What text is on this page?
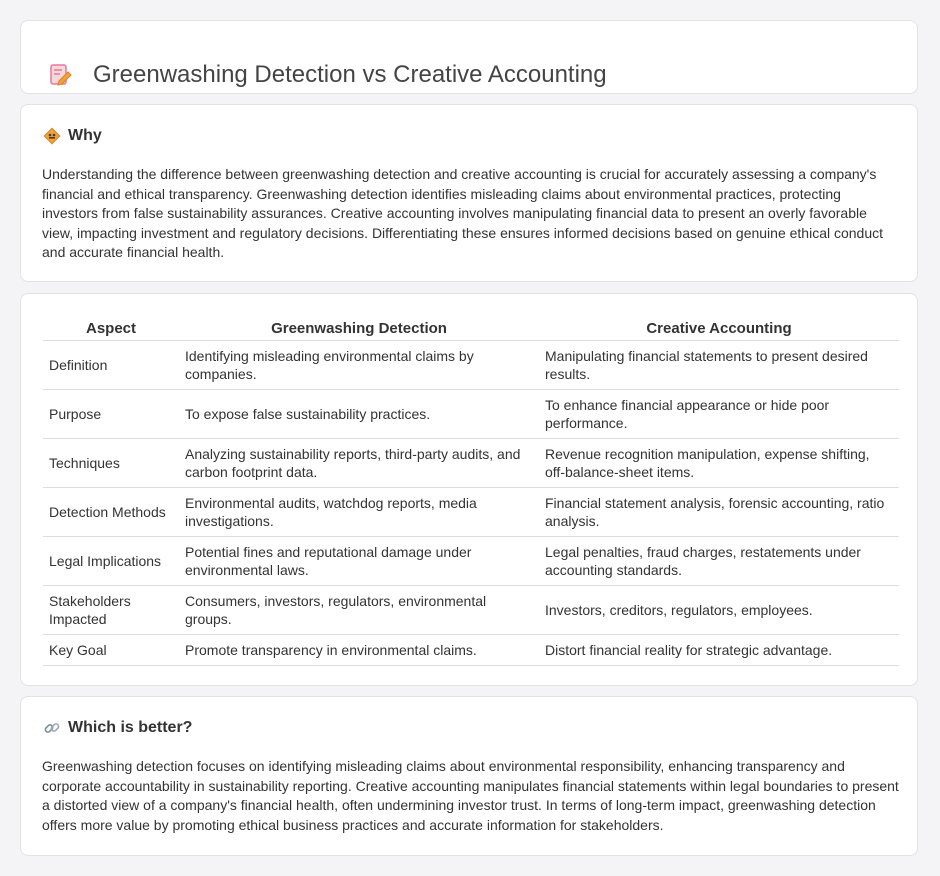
Greenwashing Detection vs Creative Accounting
Why
Understanding the difference between greenwashing detection and creative accounting is crucial for accurately assessing a company's financial and ethical transparency. Greenwashing detection identifies misleading claims about environmental practices, protecting investors from false sustainability assurances. Creative accounting involves manipulating financial data to present an overly favorable view, impacting investment and regulatory decisions. Differentiating these ensures informed decisions based on genuine ethical conduct and accurate financial health.
Aspect	Greenwashing Detection	Creative Accounting
Definition	Identifying misleading environmental claims by companies.	Manipulating financial statements to present desired results.
Purpose	To expose false sustainability practices.	To enhance financial appearance or hide poor performance.
Techniques	Analyzing sustainability reports, third-party audits, and carbon footprint data.	Revenue recognition manipulation, expense shifting, off-balance-sheet items.
Detection Methods	Environmental audits, watchdog reports, media investigations.	Financial statement analysis, forensic accounting, ratio analysis.
Legal Implications	Potential fines and reputational damage under environmental laws.	Legal penalties, fraud charges, restatements under accounting standards.
Stakeholders Impacted	Consumers, investors, regulators, environmental groups.	Investors, creditors, regulators, employees.
Key Goal	Promote transparency in environmental claims.	Distort financial reality for strategic advantage.
Which is better?
Greenwashing detection focuses on identifying misleading claims about environmental responsibility, enhancing transparency and corporate accountability in sustainability reporting. Creative accounting manipulates financial statements within legal boundaries to present a distorted view of a company's financial health, often undermining investor trust. In terms of long-term impact, greenwashing detection offers more value by promoting ethical business practices and accurate information for stakeholders.
